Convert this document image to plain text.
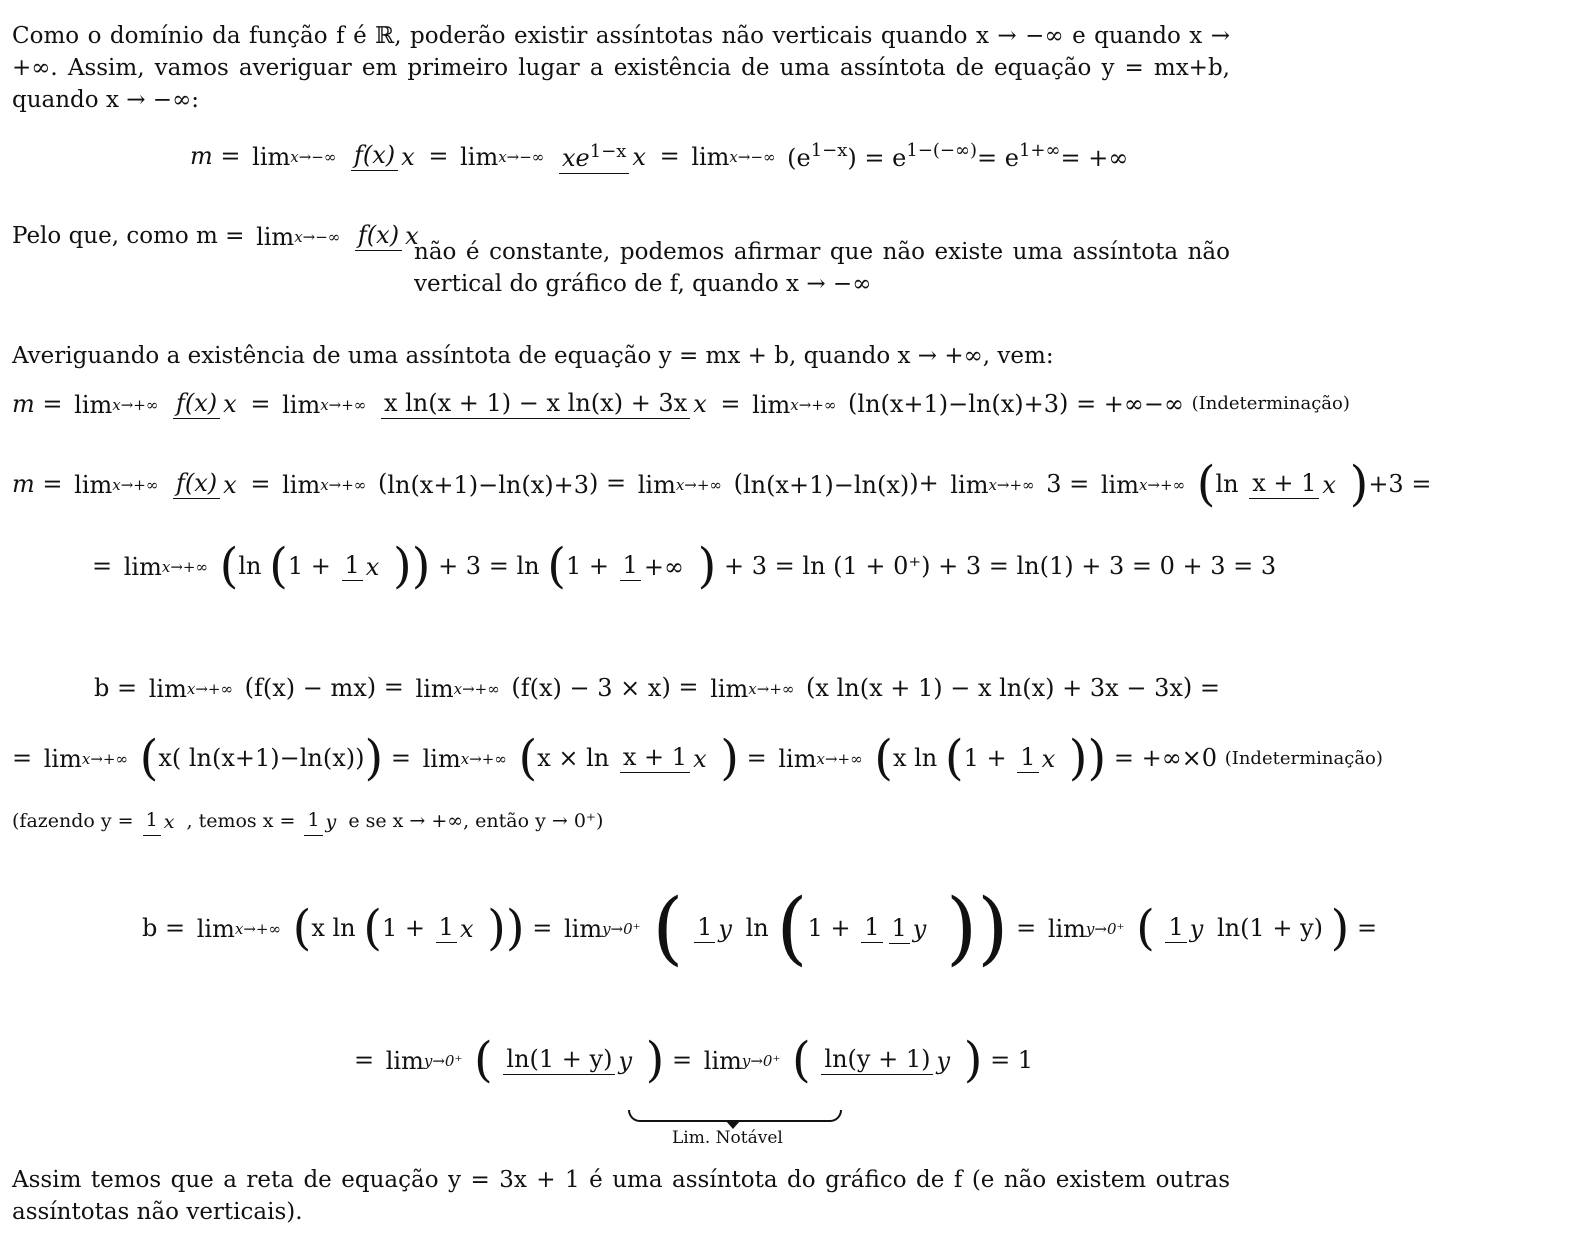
Como o domínio da função f é ℝ, poderão existir assíntotas não verticais quando x → −∞ e quando x → +∞. Assim, vamos averiguar em primeiro lugar a existência de uma assíntota de equação y = mx+b, quando x → −∞:
m = limx→−∞ f(x) x = limx→−∞ $xe^{1-x}$ x = limx→−∞ $(e^{1-x}) = e^{1-(-\infty)}= e^{1+\infty}=$ +∞
Pelo que, como m = limx→−∞ f(x) x
não é constante, podemos afirmar que não existe uma assíntota não vertical do gráfico de f, quando x → −∞
Averiguando a existência de uma assíntota de equação y = mx + b, quando x → +∞, vem:
m = limx→+∞ f(x) x = limx→+∞ x ln(x + 1) − x ln(x) + 3x x = limx→+∞ (ln(x+1)−ln(x)+3) = +∞−∞ (Indeterminação)
m = limx→+∞ f(x) x = limx→+∞ (ln(x+1)−ln(x)+3) = limx→+∞ (ln(x+1)−ln(x))+ limx→+∞ 3 = limx→+∞ (ln x + 1 x )+3 =
= limx→+∞ (ln (1 + 1 x )) + 3 = ln (1 + 1 +∞ ) + 3 = ln (1 + 0⁺) + 3 = ln(1) + 3 = 0 + 3 = 3
b = limx→+∞ (f(x) − mx) = limx→+∞ (f(x) − 3 × x) = limx→+∞ (x ln(x + 1) − x ln(x) + 3x − 3x) =
= limx→+∞ (x( ln(x+1)−ln(x))) = limx→+∞ (x × ln x + 1 x ) = limx→+∞ (x ln (1 + 1 x )) = +∞×0 (Indeterminação)
(fazendo y = 1 x , temos x = 1 y e se x → +∞, então y → 0⁺)
b = limx→+∞ (x ln (1 + 1 x )) = limy→0⁺ ( 1 y ln (1 + 1 1 y )) = limy→0⁺ ( 1 y ln(1 + y) ) =
= limy→0⁺ ( ln(1 + y) y ) = limy→0⁺ ( ln(y + 1) y ) = 1
Lim. Notável
Assim temos que a reta de equação y = 3x + 1 é uma assíntota do gráfico de f (e não existem outras assíntotas não verticais).
